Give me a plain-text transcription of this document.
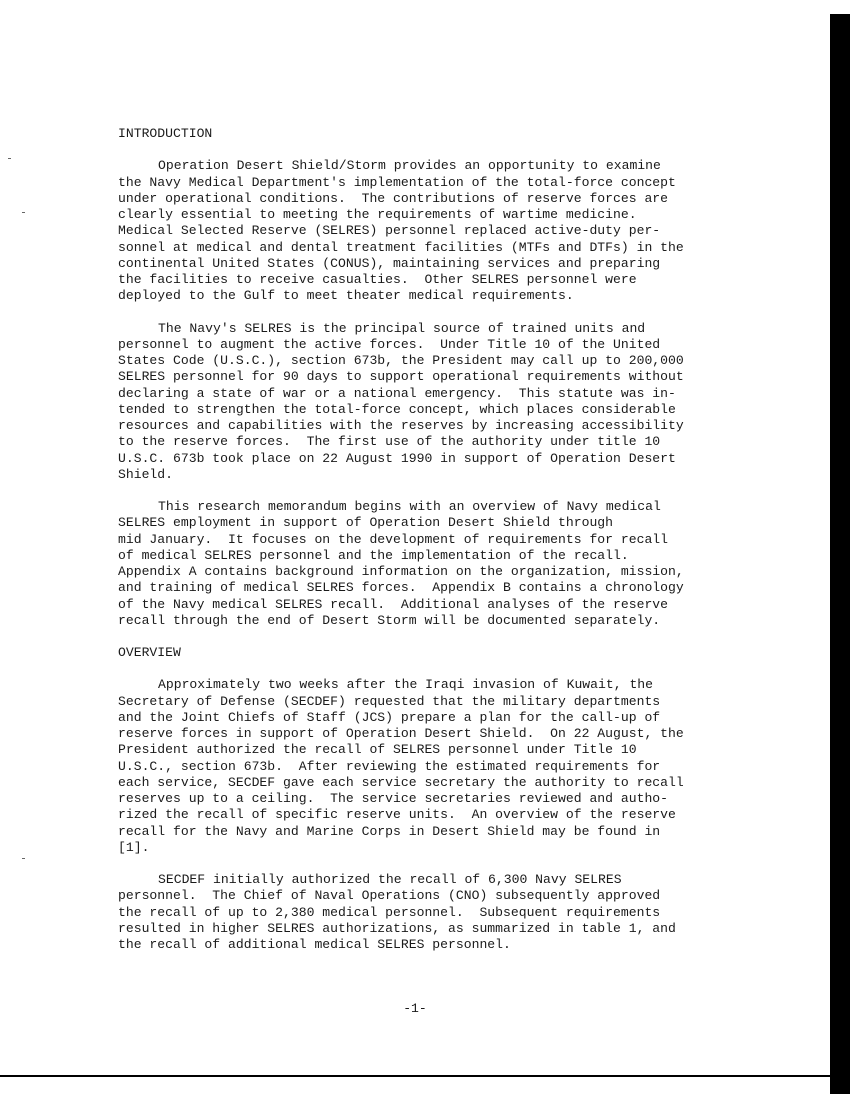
INTRODUCTION
Operation Desert Shield/Storm provides an opportunity to examine
the Navy Medical Department's implementation of the total-force concept
under operational conditions.  The contributions of reserve forces are
clearly essential to meeting the requirements of wartime medicine.
Medical Selected Reserve (SELRES) personnel replaced active-duty per-
sonnel at medical and dental treatment facilities (MTFs and DTFs) in the
continental United States (CONUS), maintaining services and preparing
the facilities to receive casualties.  Other SELRES personnel were
deployed to the Gulf to meet theater medical requirements.
The Navy's SELRES is the principal source of trained units and
personnel to augment the active forces.  Under Title 10 of the United
States Code (U.S.C.), section 673b, the President may call up to 200,000
SELRES personnel for 90 days to support operational requirements without
declaring a state of war or a national emergency.  This statute was in-
tended to strengthen the total-force concept, which places considerable
resources and capabilities with the reserves by increasing accessibility
to the reserve forces.  The first use of the authority under title 10
U.S.C. 673b took place on 22 August 1990 in support of Operation Desert
Shield.
This research memorandum begins with an overview of Navy medical
SELRES employment in support of Operation Desert Shield through
mid January.  It focuses on the development of requirements for recall
of medical SELRES personnel and the implementation of the recall.
Appendix A contains background information on the organization, mission,
and training of medical SELRES forces.  Appendix B contains a chronology
of the Navy medical SELRES recall.  Additional analyses of the reserve
recall through the end of Desert Storm will be documented separately.
OVERVIEW
Approximately two weeks after the Iraqi invasion of Kuwait, the
Secretary of Defense (SECDEF) requested that the military departments
and the Joint Chiefs of Staff (JCS) prepare a plan for the call-up of
reserve forces in support of Operation Desert Shield.  On 22 August, the
President authorized the recall of SELRES personnel under Title 10
U.S.C., section 673b.  After reviewing the estimated requirements for
each service, SECDEF gave each service secretary the authority to recall
reserves up to a ceiling.  The service secretaries reviewed and autho-
rized the recall of specific reserve units.  An overview of the reserve
recall for the Navy and Marine Corps in Desert Shield may be found in
[1].
SECDEF initially authorized the recall of 6,300 Navy SELRES
personnel.  The Chief of Naval Operations (CNO) subsequently approved
the recall of up to 2,380 medical personnel.  Subsequent requirements
resulted in higher SELRES authorizations, as summarized in table 1, and
the recall of additional medical SELRES personnel.
-1-
